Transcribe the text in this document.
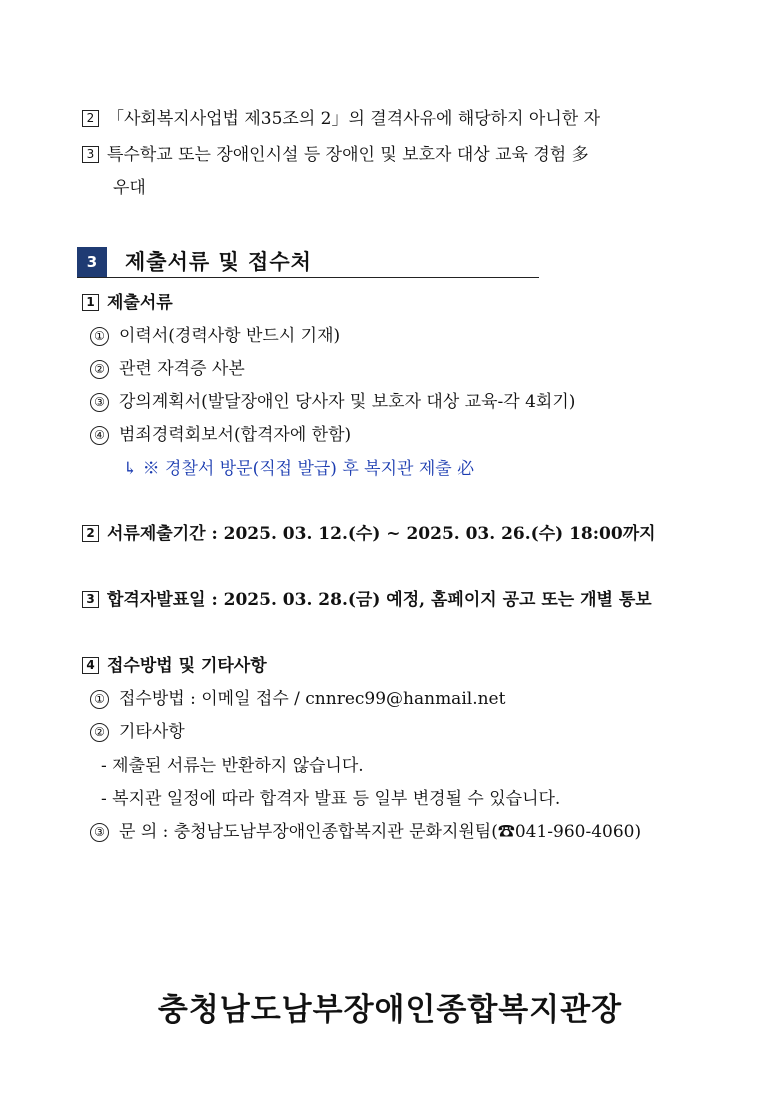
2 「사회복지사업법 제35조의 2」의 결격사유에 해당하지 아니한 자
3 특수학교 또는 장애인시설 등 장애인 및 보호자 대상 교육 경험 多
우대
3	제출서류 및 접수처
1 제출서류
① 이력서(경력사항 반드시 기재)
② 관련 자격증 사본
③ 강의계획서(발달장애인 당사자 및 보호자 대상 교육-각 4회기)
④ 범죄경력회보서(합격자에 한함)
↳ ※ 경찰서 방문(직접 발급) 후 복지관 제출 必
2 서류제출기간 : 2025. 03. 12.(수) ~ 2025. 03. 26.(수) 18:00까지
3 합격자발표일 : 2025. 03. 28.(금) 예정, 홈페이지 공고 또는 개별 통보
4 접수방법 및 기타사항
① 접수방법 : 이메일 접수 / cnnrec99@hanmail.net
② 기타사항
- 제출된 서류는 반환하지 않습니다.
- 복지관 일정에 따라 합격자 발표 등 일부 변경될 수 있습니다.
③ 문 의 : 충청남도남부장애인종합복지관 문화지원팀(☎041-960-4060)
충청남도남부장애인종합복지관장
